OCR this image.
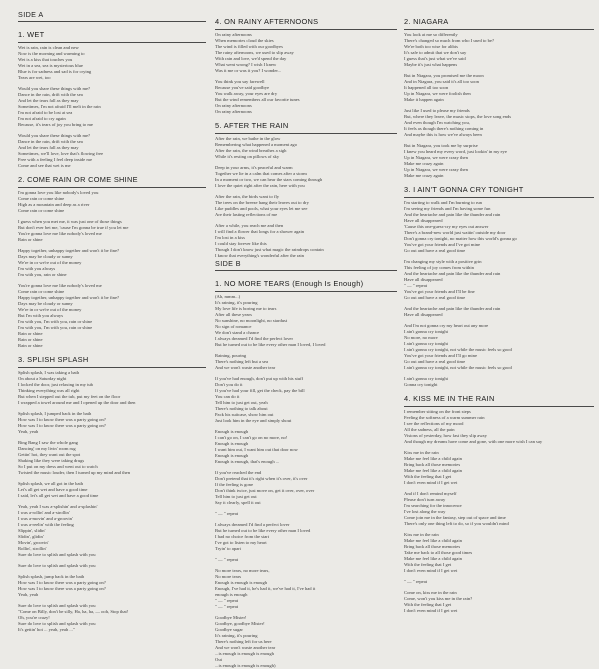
SIDE A
1. WET
Wet is rain, rain is clean and new
Now is the morning and warming to
Wet is a kiss that touches you
Wet in a sea, sea is mysterious blue
Blue is for sadness and sad is for crying
Tears are wet, too
Would you share these things with me?
Dance in the rain, drift with the sea
And let the tears fall as they may
Sometimes, I'm not afraid I'll melt in the rain
I'm not afraid to be lost at sea
I'm not afraid to cry again
Because, it's tears of joy you bring to me
Would you share these things with me?
Dance in the rain, drift with the sea
And let the tears fall as they may
Sometimes, we'll love, love that's flowing free
Free with a feeling I feel deep inside me
Come and see that wet is me
2. COME RAIN OR COME SHINE
I'm gonna love you like nobody's loved you
Come rain or come shine
High as a mountain and deep as a river
Come rain or come shine
I guess when you met me, it was just one of those things
But don't ever bet me, 'cause I'm gonna be true if you let me
You're gonna love me like nobody's loved me
Rain or shine
Happy together, unhappy together and won't it be fine?
Days may be cloudy or sunny
We're in or we're out of the money
I'm with you always
I'm with you, rain or shine
You're gonna love me like nobody's loved me
Come rain or come shine
Happy together, unhappy together and won't it be fine?
Days may be cloudy or sunny
We're in or we're out of the money
But I'm with you always
I'm with you, I'm with you, rain or shine
I'm with you, I'm with you, rain or shine
Rain or shine
Rain or shine
Rain or shine
3. SPLISH SPLASH
Splish splash, I was taking a bath
On about a Saturday night
I locked the door, just relaxing in my tub
Thinking everything was all right
But when I stepped out the tub, put my feet on the floor
I wrapped a towel around me and I opened up the door and then
Splish splash, I jumped back in the bath
How was I to know there was a party going on?
How was I to know there was a party going on?
Yeah, yeah
Bing Bang I saw the whole gang
Dancing' on my livin' room rug
Gettin' hot, they want out the spot
Shaking like they were taking drugs
So I put on my dress and went out to watch
Twisted the music louder, then I turned up my mind and then
Splish splash, we all got in the bath
Let's all get wet and have a good time
I said, let's all get wet and have a good time
Yeah, yeah I was a-splishin' and a-splashin'
I was a-rollin' and a-strollin'
I was a-movin' and a-groovin'
I was a-reelin' with the feeling
Slippin', slidin'
Slidin', glidin'
Movin', groovin'
Rollin', strollin'
Sure do love to splish and splash with you
Sure do love to splish and splash with you
Splish splash, jump back in the bath
How was I to know there was a party going on?
How was I to know there was a party going on?
Yeah, yeah
Sure do love to splish and splash with you
"Come on Billy, don't be silly, Ha, ha, ha, — ooh, Stop that!
Oh, you're crazy!
Sure do love to splish and splash with you
It's gettin' hot ... yeah, yeah ..."
4. ON RAINY AFTERNOONS
On rainy afternoons
When memories cloud the skies
The wind is filled with our goodbyes
The rainy afternoons, we used to slip away
With rain and love, we'd spend the day
What went wrong? I wish I knew
Was it me or was it you? I wonder...
You think you say farewell
Because you've said goodbye
You walk away, your eyes are dry
But the wind remembers all our favorite tunes
On rainy afternoons
On rainy afternoons
5. AFTER THE RAIN
After the rain, we bathe in the glow
Remembering what happened a moment ago
After the rain, the wind breathes a sigh
While it's resting on pillows of sky
Deep in your arms, it's peaceful and warm
Together we lie in a calm that comes after a storm
In a moment or two, we can hear the stars coming through
I love the quiet right after the rain, here with you
After the rain, the birds want to fly
The trees on the breeze hang their leaves out to dry
Like puddles and pools, what your eyes let me see
Are their lasting reflections of me
After a while, you reach me and then
I will find a flower that longs for a shower again
I'm lost in a kiss
I could stay forever like this
Though I don't know just what magic the raindrops contain
I know that everything's wonderful after the rain
SIDE B
1. NO MORE TEARS (Enough Is Enough)
(Ah, mmm...)
It's raining, it's pouring
My love life is boring me to tears
After all these years
No sunshine, no moonlight, no stardust
No sign of romance
We don't stand a chance
I always dreamed I'd find the perfect lover
But he turned out to be like every other man I loved, I loved
Raining, pouring
There's nothing left but a sea
And we won't waste another tear
If you've had enough, don't put up with his stuff
Don't you do it
If you've had your fill, get the check, pay the bill
You can do it
Tell him to just get out, yeah
There's nothing to talk about
Pack his suitcase, show him out
Just look him in the eye and simply shout
Enough is enough
I can't go on, I can't go on no more, no!
Enough is enough
I want him out, I want him out that door now
Enough is enough
Enough is enough, that's enough ...
If you've reached the end
Don't pretend that it's right when it's over, it's over
If the feeling is gone
Don't think twice, just move on, get it over, over, over
Tell him to just get out
Say it clearly, spell it out
" — " repeat
I always dreamed I'd find a perfect lover
But he turned out to be like every other man I loved
I had no choice from the start
I've got to listen to my heart
Tryin' to apart
" — " repeat
No more tears, no more tears,
No more tears
Enough is enough is enough
Enough, I've had it, he's had it, we've had it, I've had it
enough is enough
" — " repeat
" — " repeat
Goodbye Mister!
Goodbye, goodbye Mister!
Goodbye sugar
It's raining, it's pouring
There's nothing left for us here
And we won't waste another tear
...is enough is enough is enough
Out
...is enough is enough is enough)
2. NIAGARA
You look at me so differently
There's changed so much from who I used to be?
We're both too wise for alibis
It's safe to admit that we don't say
I guess that's just what we've said
Maybe it's just what happens
But in Niagara, you promised me the moon
And in Niagara, you said it's all too soon
It happened all too soon
Up in Niagara, we were foolish then
Make it happen again
Just like I used to please my friends
But, where they leave, the music stops, the love song ends
And even though I'm watching you,
It feels as though there's nothing coming in
And maybe this is how we've always been
But in Niagara, you took me by surprise
I knew you heard my every word, just lookin' in my eye
Up in Niagara, we were crazy then
Make me crazy again
Up in Niagara, we were crazy then
Make me crazy again
3. I AIN'T GONNA CRY TONIGHT
I'm starting to walk and I'm burning to run
I'm seeing my friends and I'm having some fun
And the heartache and pain like the thunder and rain
Have all disappeared
'Cause this one-guess-cry my eyes out answer
There's a brand-new world just waitin' outside my door
Don't gonna cry tonight, no matter how this world's gonna go
You've got your friends and I've got mine
Go out and have a real good time
I'm changing my style with a positive grin
This feeling of joy comes from within
And the heartache and pain like the thunder and rain
Have all disappeared
" — " repeat
You've got your friends and I'll be fine
Go out and have a real good time
And the heartache and pain like the thunder and rain
Have all disappeared
And I'm not gonna cry my heart out any more
I ain't gonna cry tonight
No more, no more
I ain't gonna cry tonight
I ain't gonna cry tonight, not while the music feels so good
You've got your friends and I'll go mine
Go out and have a real good time
I ain't gonna cry tonight, not while the music feels so good
I ain't gonna cry tonight
Gonna cry tonight
4. KISS ME IN THE RAIN
I remember sitting on the front steps
Feeling the softness of a warm summer rain
I see the reflections of my mood
All the sadness, all the pain
Visions of yesterday, how fast they slip away
And though my dreams have come and gone, with one more wish I can say
Kiss me in the rain
Make me feel like a child again
Bring back all those memories
Make me feel like a child again
With the feeling that I get
I don't even mind if I get wet
And if I don't remind myself
Please don't turn away
I'm searching for the innocence
I've lost along the way
Come join me in the fantasy, step out of space and time
There's only one thing left to do, so if you wouldn't mind
Kiss me in the rain
Make me feel like a child again
Bring back all those memories
Take me back to all those good times
Make me feel like a child again
With the feeling that I get
I don't even mind if I get wet
" — " repeat
Come on, kiss me in the rain
Come, won't you kiss me in the rain?
With the feeling that I get
I don't even mind if I get wet
